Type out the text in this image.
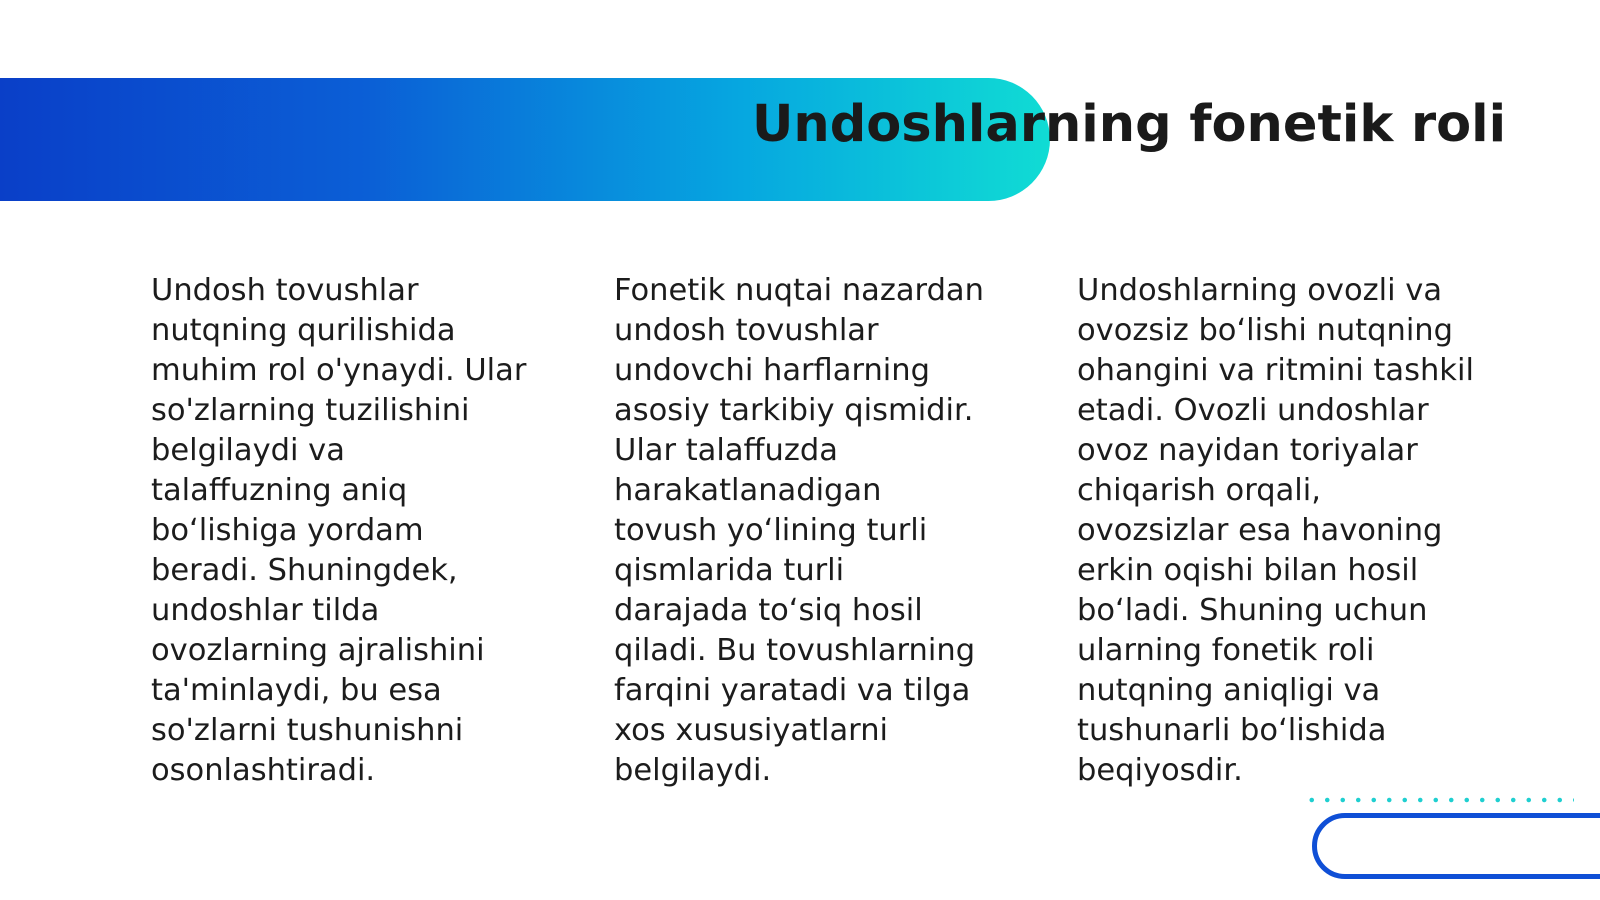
Undoshlarning fonetik roli

Undosh tovushlar nutqning qurilishida muhim rol o'ynaydi. Ular so'zlarning tuzilishini belgilaydi va talaffuzning aniq bo‘lishiga yordam beradi. Shuningdek, undoshlar tilda ovozlarning ajralishini ta'minlaydi, bu esa so'zlarni tushunishni osonlashtiradi.

Fonetik nuqtai nazardan undosh tovushlar undovchi harflarning asosiy tarkibiy qismidir. Ular talaffuzda harakatlanadigan tovush yo‘lining turli qismlarida turli darajada to‘siq hosil qiladi. Bu tovushlarning farqini yaratadi va tilga xos xususiyatlarni belgilaydi.

Undoshlarning ovozli va ovozsiz bo‘lishi nutqning ohangini va ritmini tashkil etadi. Ovozli undoshlar ovoz nayidan toriyalar chiqarish orqali, ovozsizlar esa havoning erkin oqishi bilan hosil bo‘ladi. Shuning uchun ularning fonetik roli nutqning aniqligi va tushunarli bo‘lishida beqiyosdir.
